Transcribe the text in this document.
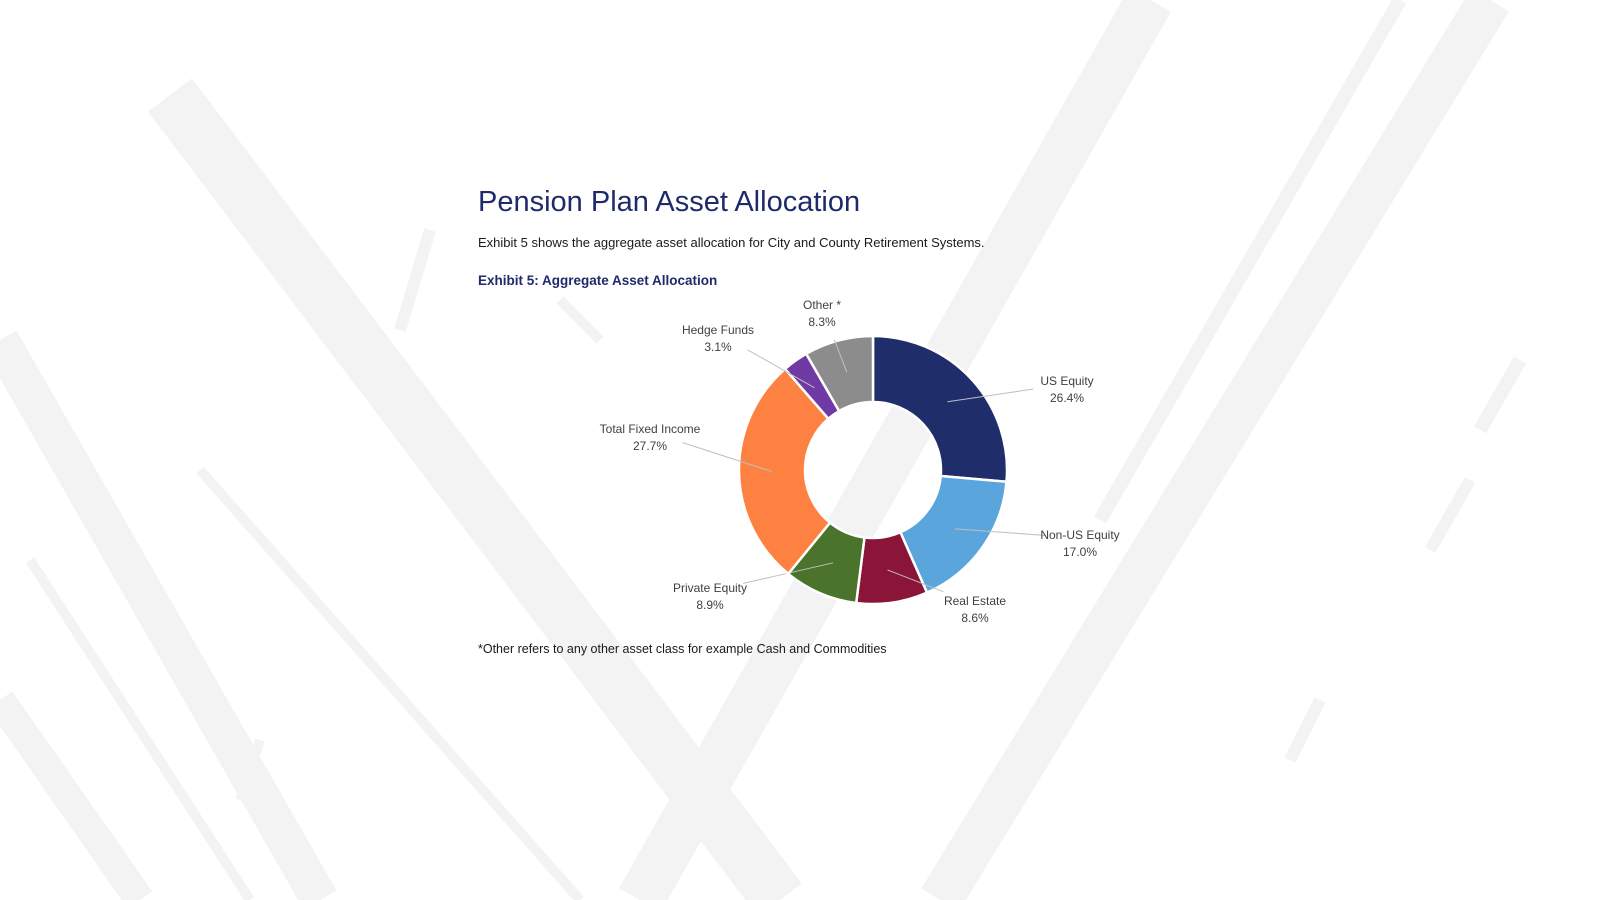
Pension Plan Asset Allocation
Exhibit 5 shows the aggregate asset allocation for City and County Retirement Systems.
Exhibit 5: Aggregate Asset Allocation
US Equity
26.4%
Non-US Equity
17.0%
Real Estate
8.6%
Private Equity
8.9%
Total Fixed Income
27.7%
Hedge Funds
3.1%
Other *
8.3%
*Other refers to any other asset class for example Cash and Commodities
